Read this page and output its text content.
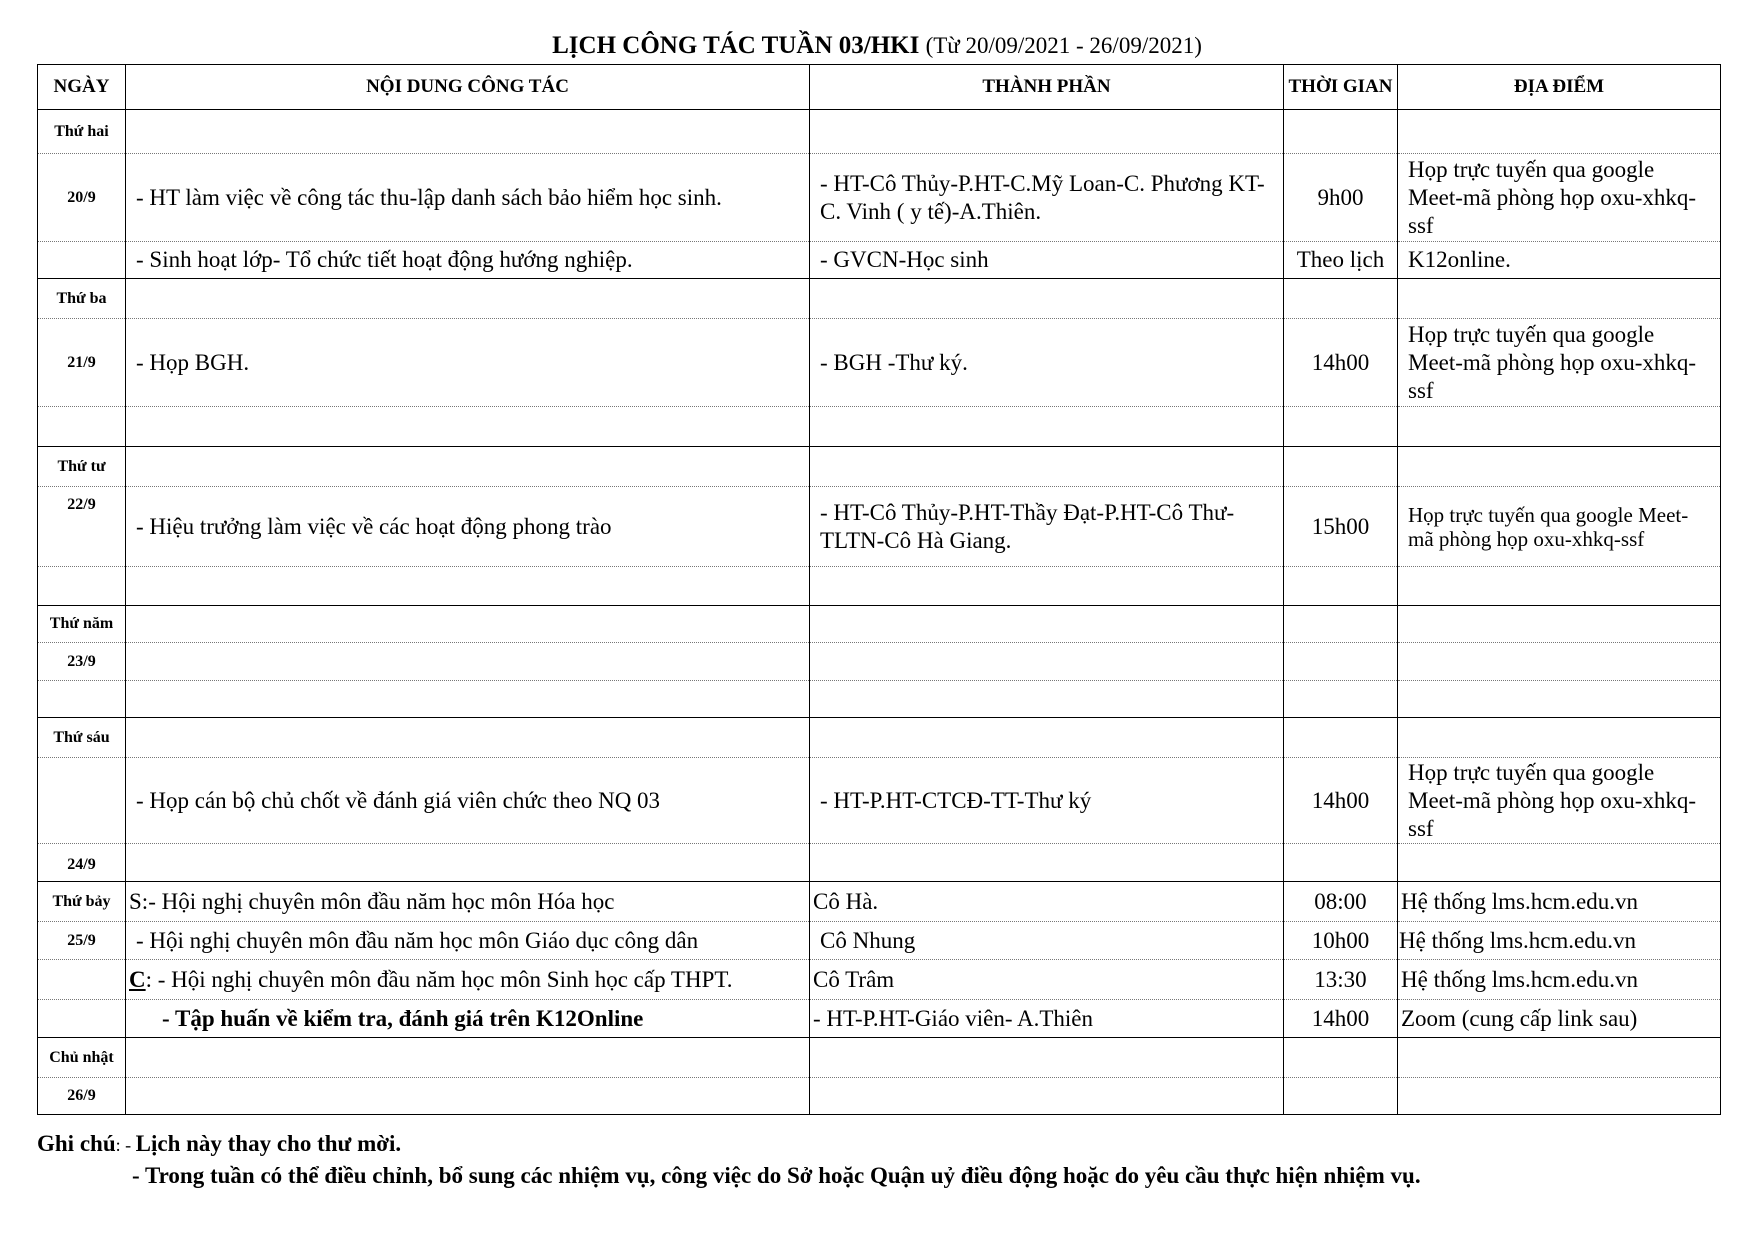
LỊCH CÔNG TÁC TUẦN 03/HKI (Từ 20/09/2021 - 26/09/2021)
NGÀY	NỘI DUNG CÔNG TÁC	THÀNH PHẦN	THỜI GIAN	ĐỊA ĐIỂM
Thứ hai				
20/9	- HT làm việc về công tác thu-lập danh sách bảo hiểm học sinh.	- HT-Cô Thủy-P.HT-C.Mỹ Loan-C. Phương KT-C. Vinh ( y tế)-A.Thiên.	9h00	Họp trực tuyến qua google Meet-mã phòng họp oxu-xhkq-ssf
	- Sinh hoạt lớp- Tổ chức tiết hoạt động hướng nghiệp.	- GVCN-Học sinh	Theo lịch	K12online.
Thứ ba				
21/9	- Họp BGH.	- BGH -Thư ký.	14h00	Họp trực tuyến qua google Meet-mã phòng họp oxu-xhkq-ssf

Thứ tư				
22/9	- Hiệu trưởng làm việc về các hoạt động phong trào	- HT-Cô Thủy-P.HT-Thầy Đạt-P.HT-Cô Thư-TLTN-Cô Hà Giang.	15h00	Họp trực tuyến qua google Meet-mã phòng họp oxu-xhkq-ssf

Thứ năm				
23/9				

Thứ sáu				
	- Họp cán bộ chủ chốt về đánh giá viên chức theo NQ 03	- HT-P.HT-CTCĐ-TT-Thư ký	14h00	Họp trực tuyến qua google Meet-mã phòng họp oxu-xhkq-ssf
24/9				
Thứ bảy	S:- Hội nghị chuyên môn đầu năm học môn Hóa học	Cô Hà.	08:00	Hệ thống lms.hcm.edu.vn
25/9	- Hội nghị chuyên môn đầu năm học môn Giáo dục công dân	Cô Nhung	10h00	Hệ thống lms.hcm.edu.vn
	C: - Hội nghị chuyên môn đầu năm học môn Sinh học cấp THPT.	Cô Trâm	13:30	Hệ thống lms.hcm.edu.vn
	- Tập huấn về kiểm tra, đánh giá trên K12Online	- HT-P.HT-Giáo viên- A.Thiên	14h00	Zoom (cung cấp link sau)
Chủ nhật				
26/9				
Ghi chú: - Lịch này thay cho thư mời.
- Trong tuần có thể điều chỉnh, bổ sung các nhiệm vụ, công việc do Sở hoặc Quận uỷ điều động hoặc do yêu cầu thực hiện nhiệm vụ.
